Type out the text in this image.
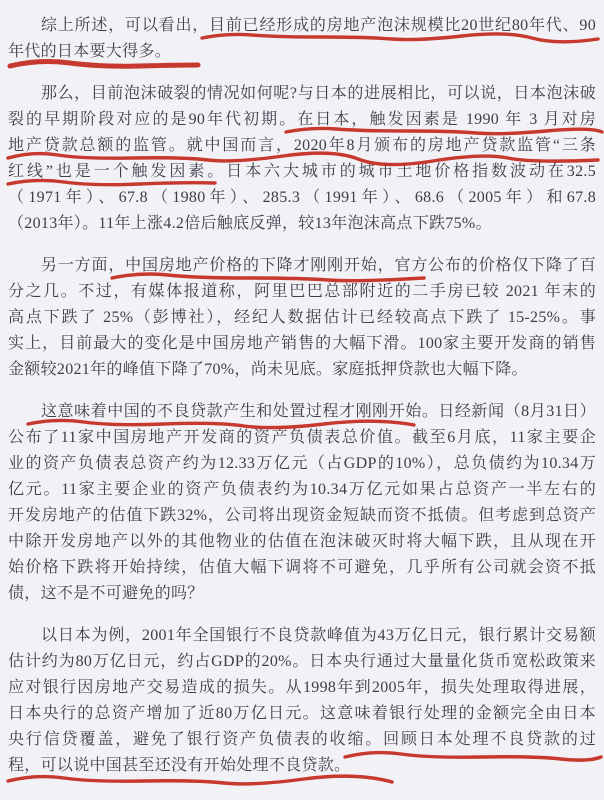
综上所述，可以看出，目前已经形成的房地产泡沫规模比20世纪80年代、90
年代的日本要大得多。
那么，目前泡沫破裂的情况如何呢?与日本的进展相比，可以说，日本泡沫破
裂的早期阶段对应的是90年代初期。在日本，触发因素是 1990 年 3 月对房
地产贷款总额的监管。就中国而言，2020年8月颁布的房地产贷款监管“三条
红线”也是一个触发因素。日本六大城市的城市土地价格指数波动在32.5
（1971年）、67.8（1980年）、285.3（1991年）、68.6（2005年）和67.8
（2013年）。11年上涨4.2倍后触底反弹，较13年泡沫高点下跌75%。
另一方面，中国房地产价格的下降才刚刚开始，官方公布的价格仅下降了百
分之几。不过，有媒体报道称，阿里巴巴总部附近的二手房已较 2021 年末的
高点下跌了 25%（彭博社），经纪人数据估计已经较高点下跌了 15-25%。事
实上，目前最大的变化是中国房地产销售的大幅下滑。100家主要开发商的销售
金额较2021年的峰值下降了70%，尚未见底。家庭抵押贷款也大幅下降。
这意味着中国的不良贷款产生和处置过程才刚刚开始。日经新闻（8月31日）
公布了11家中国房地产开发商的资产负债表总价值。截至6月底，11家主要企
业的资产负债表总资产约为12.33万亿元（占GDP的10%），总负债约为10.34万
亿元。11家主要企业的资产负债表约为10.34万亿元如果占总资产一半左右的
开发房地产的估值下跌32%，公司将出现资金短缺而资不抵债。但考虑到总资产
中除开发房地产以外的其他物业的估值在泡沫破灭时将大幅下跌，且从现在开
始价格下跌将开始持续，估值大幅下调将不可避免，几乎所有公司就会资不抵
债，这不是不可避免的吗？
以日本为例，2001年全国银行不良贷款峰值为43万亿日元，银行累计交易额
估计约为80万亿日元，约占GDP的20%。日本央行通过大量量化货币宽松政策来
应对银行因房地产交易造成的损失。从1998年到2005年，损失处理取得进展，
日本央行的总资产增加了近80万亿日元。这意味着银行处理的金额完全由日本
央行信贷覆盖，避免了银行资产负债表的收缩。回顾日本处理不良贷款的过
程，可以说中国甚至还没有开始处理不良贷款。
